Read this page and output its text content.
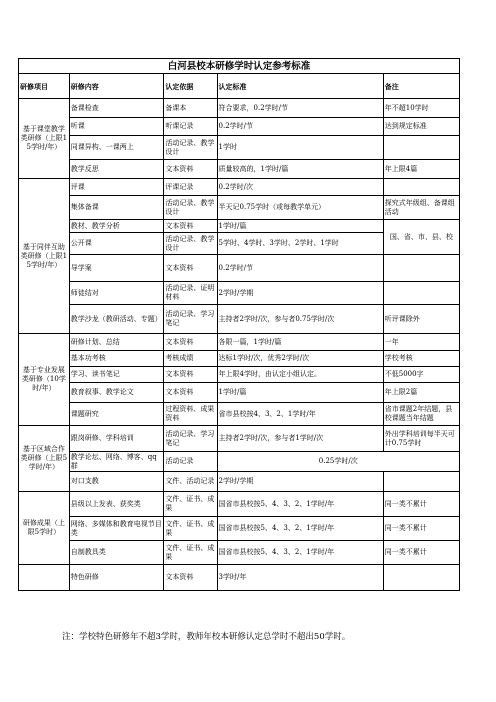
白河县校本研修学时认定参考标准				
研修项目	研修内容	认定依据	认定标准	备注
基于课堂教学类研修（上限15学时/年）	备课检查	备课本	符合要求，0.2学时/节	年不超10学时
	听课	听课记录	0.2学时/节	达到规定标准
	同课异构、一课两上	活动记录、教学设计	1学时	
	教学反思	文本资料	质量较高的，1学时/篇	年上限4篇
基于同伴互助类研修（上限15学时/年）	评课	评课记录	0.2学时/次	
	集体备课	活动记录、教学设计	半天记0.75学时（或每教学单元）	探究式年级组、备课组活动
	教材、教学分析	文本资料	1学时/篇	国、省、市、县、校
	公开课	活动记录、教学设计	5学时、4学时、3学时、2学时、1学时	
	导学案	文本资料	0.2学时/节	
	师徒结对	活动记录、证明材料	2学时/学期	
	教学沙龙（教研活动、专题）	活动记录、学习笔记	主持者2学时/次，参与者0.75学时/次	听评课除外
基于专业发展类研修（10学时/年）	研修计划、总结	文本资料	各限一篇，1学时/篇	一年
	基本功考核	考核成绩	达标1学时/次，优秀2学时/次	学校考核
	学习、读书笔记	文本资料	年上限4学时，由认定小组认定。	不低5000字
	教育叙事、教学论文	文本资料	1学时/篇	年上限2篇
	课题研究	过程资料、成果资料	省市县校按4、3、2、1学时/年	省市课题2年结题，县校课题当年结题
基于区域合作类研修（上限5学时/年）	跟岗研修、学科培训	活动记录、学习笔记	主持者2学时/次，参与者1学时/次	外出学科培训每半天可计0.75学时
	教学论坛、网络、博客、qq群	活动记录	0.25学时/次	
	对口支教	文件、活动记录	2学时/学期	
研修成果（上限5学时）	县级以上发表、获奖类	文件、证书、成果	国省市县校按5、4、3、2、1学时/年	同一类不累计
	网络、多媒体和教育电视节目类	文件、证书、成果	国省市县校按5、4、3、2、1学时/年	同一类不累计
	自制教具类	文件、证书、成果	国省市县校按5、4、3、2、1学时/年	同一类不累计
	特色研修	文本资料	3学时/年	
注：学校特色研修年不超3学时，教师年校本研修认定总学时不超出50学时。
